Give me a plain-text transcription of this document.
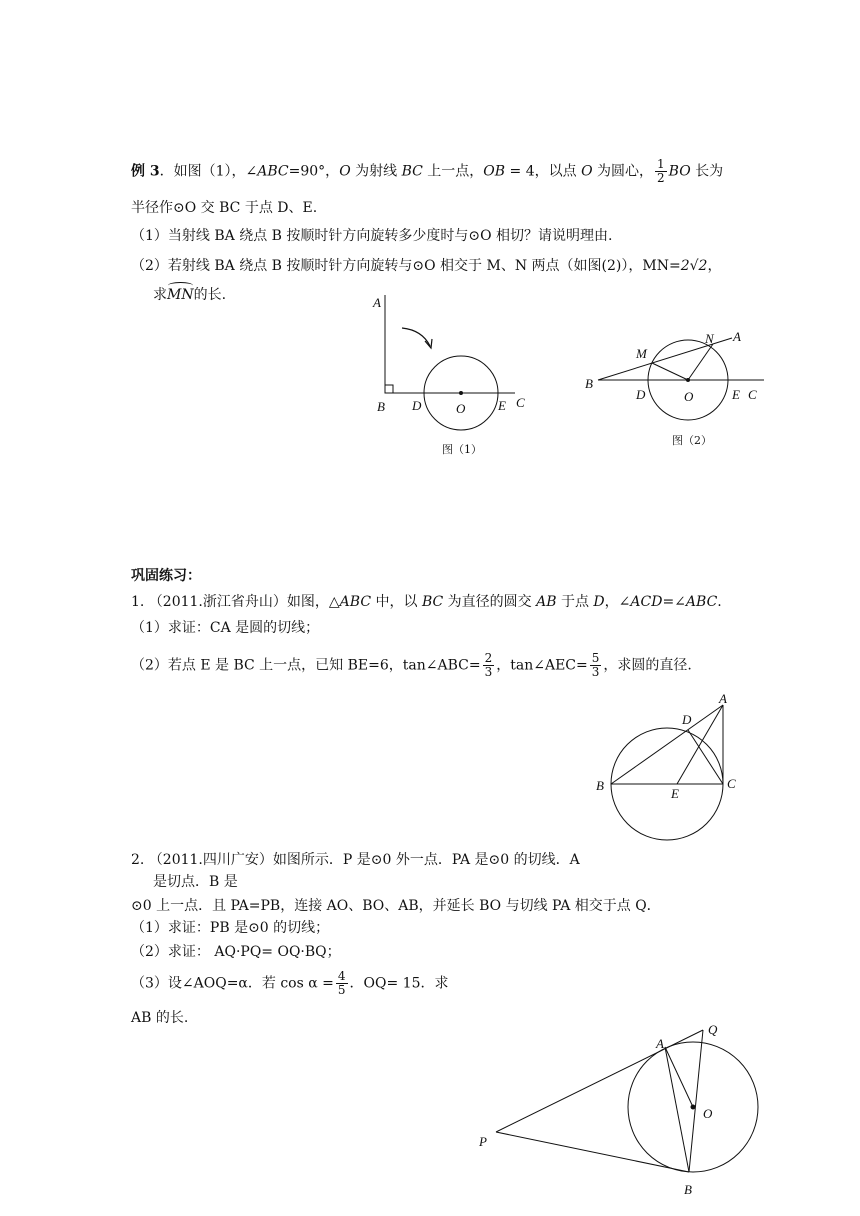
例 3．如图（1），∠ABC=90°，O 为射线 BC 上一点，OB = 4，以点 O 为圆心， $\frac{1}{2}$ BO 长为
半径作⊙O 交 BC 于点 D、E.
（1）当射线 BA 绕点 B 按顺时针方向旋转多少度时与⊙O 相切？请说明理由.
（2）若射线 BA 绕点 B 按顺时针方向旋转与⊙O 相交于 M、N 两点（如图(2)），MN=2√2，
求MN的长.	A
B D	O	E C
图（1）
B
M
N A
D	O	E C
图（2）
巩固练习：
1. （2011.浙江省舟山）如图，△ABC 中，以 BC 为直径的圆交 AB 于点 D，∠ACD=∠ABC.
（1）求证：CA 是圆的切线；
（2）若点 E 是 BC 上一点，已知 BE=6，tan∠ABC= $\frac{2}{3}$ ，tan∠AEC= $\frac{5}{3}$ ，求圆的直径.
A
D
B	C
E
2. （2011.四川广安）如图所示．P 是⊙0 外一点．PA 是⊙0 的切线．A
是切点．B 是
⊙0 上一点．且 PA=PB，连接 AO、BO、AB，并延长 BO 与切线 PA 相交于点 Q．
（1）求证：PB 是⊙0 的切线；
（2）求证： AQ·PQ= OQ·BQ；
（3）设∠AOQ=α．若 $\cos \alpha = \frac{4}{5}$ ．OQ= 15．求
AB 的长.
A
Q
O
P
B
